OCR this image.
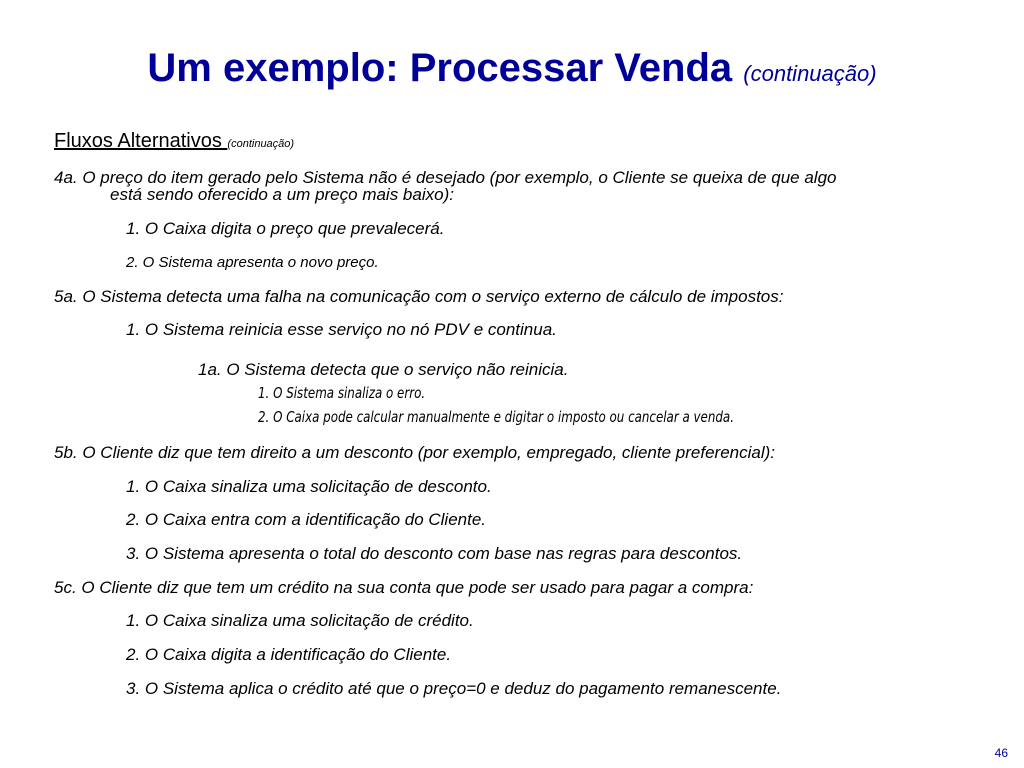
Um exemplo: Processar Venda (continuação)
Fluxos Alternativos (continuação)
4a. O preço do item gerado pelo Sistema não é desejado (por exemplo, o Cliente se queixa de que algo
está sendo oferecido a um preço mais baixo):
1. O Caixa digita o preço que prevalecerá.
2. O Sistema apresenta o novo preço.
5a. O Sistema detecta uma falha na comunicação com o serviço externo de cálculo de impostos:
1. O Sistema reinicia esse serviço no nó PDV e continua.
1a. O Sistema detecta que o serviço não reinicia.
1. O Sistema sinaliza o erro.
2. O Caixa pode calcular manualmente e digitar o imposto ou cancelar a venda.
5b. O Cliente diz que tem direito a um desconto (por exemplo, empregado, cliente preferencial):
1. O Caixa sinaliza uma solicitação de desconto.
2. O Caixa entra com a identificação do Cliente.
3. O Sistema apresenta o total do desconto com base nas regras para descontos.
5c. O Cliente diz que tem um crédito na sua conta que pode ser usado para pagar a compra:
1. O Caixa sinaliza uma solicitação de crédito.
2. O Caixa digita a identificação do Cliente.
3. O Sistema aplica o crédito até que o preço=0 e deduz do pagamento remanescente.
46
